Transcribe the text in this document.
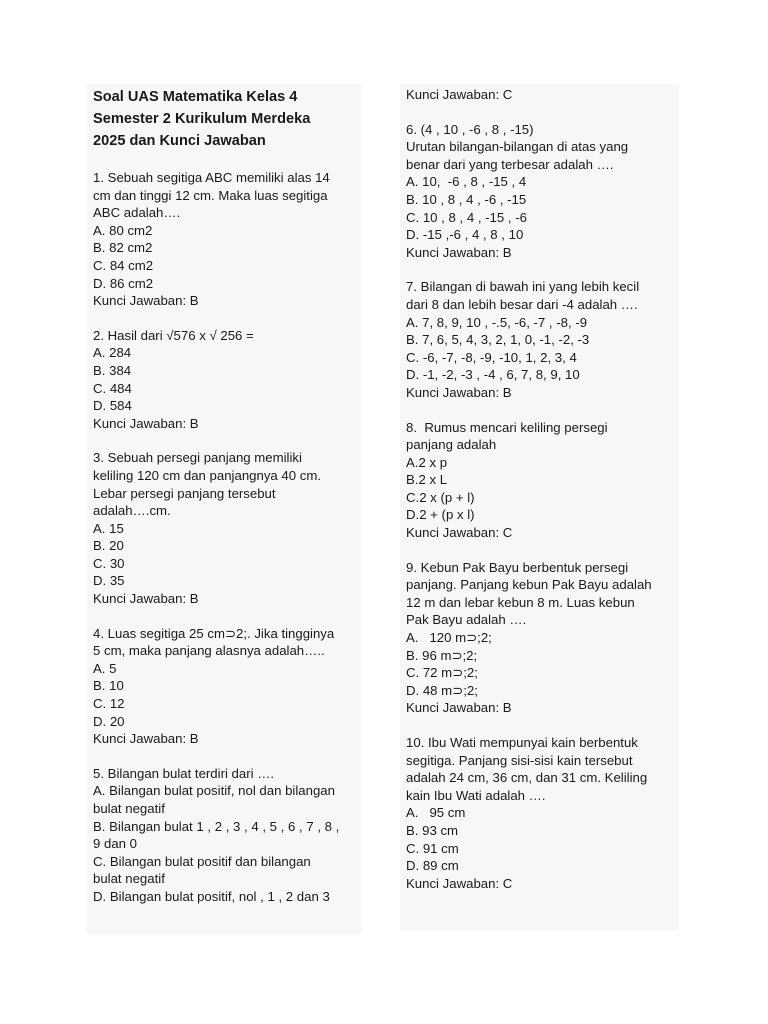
Soal UAS Matematika Kelas 4
Semester 2 Kurikulum Merdeka
2025 dan Kunci Jawaban
1. Sebuah segitiga ABC memiliki alas 14
cm dan tinggi 12 cm. Maka luas segitiga
ABC adalah….
A. 80 cm2
B. 82 cm2
C. 84 cm2
D. 86 cm2
Kunci Jawaban: B
2. Hasil dari √576 x √ 256 =
A. 284
B. 384
C. 484
D. 584
Kunci Jawaban: B
3. Sebuah persegi panjang memiliki
keliling 120 cm dan panjangnya 40 cm.
Lebar persegi panjang tersebut
adalah….cm.
A. 15
B. 20
C. 30
D. 35
Kunci Jawaban: B
4. Luas segitiga 25 cm⊃2;. Jika tingginya
5 cm, maka panjang alasnya adalah…..
A. 5
B. 10
C. 12
D. 20
Kunci Jawaban: B
5. Bilangan bulat terdiri dari ….
A. Bilangan bulat positif, nol dan bilangan
bulat negatif
B. Bilangan bulat 1 , 2 , 3 , 4 , 5 , 6 , 7 , 8 ,
9 dan 0
C. Bilangan bulat positif dan bilangan
bulat negatif
D. Bilangan bulat positif, nol , 1 , 2 dan 3
Kunci Jawaban: C
6. (4 , 10 , -6 , 8 , -15)
Urutan bilangan-bilangan di atas yang
benar dari yang terbesar adalah ….
A. 10,  -6 , 8 , -15 , 4
B. 10 , 8 , 4 , -6 , -15
C. 10 , 8 , 4 , -15 , -6
D. -15 ,-6 , 4 , 8 , 10
Kunci Jawaban: B
7. Bilangan di bawah ini yang lebih kecil
dari 8 dan lebih besar dari -4 adalah ….
A. 7, 8, 9, 10 , -.5, -6, -7 , -8, -9
B. 7, 6, 5, 4, 3, 2, 1, 0, -1, -2, -3
C. -6, -7, -8, -9, -10, 1, 2, 3, 4
D. -1, -2, -3 , -4 , 6, 7, 8, 9, 10
Kunci Jawaban: B
8.  Rumus mencari keliling persegi
panjang adalah
A.2 x p
B.2 x L
C.2 x (p + l)
D.2 + (p x l)
Kunci Jawaban: C
9. Kebun Pak Bayu berbentuk persegi
panjang. Panjang kebun Pak Bayu adalah
12 m dan lebar kebun 8 m. Luas kebun
Pak Bayu adalah ….
A.   120 m⊃;2;
B. 96 m⊃;2;
C. 72 m⊃;2;
D. 48 m⊃;2;
Kunci Jawaban: B
10. Ibu Wati mempunyai kain berbentuk
segitiga. Panjang sisi-sisi kain tersebut
adalah 24 cm, 36 cm, dan 31 cm. Keliling
kain Ibu Wati adalah ….
A.   95 cm
B. 93 cm
C. 91 cm
D. 89 cm
Kunci Jawaban: C
